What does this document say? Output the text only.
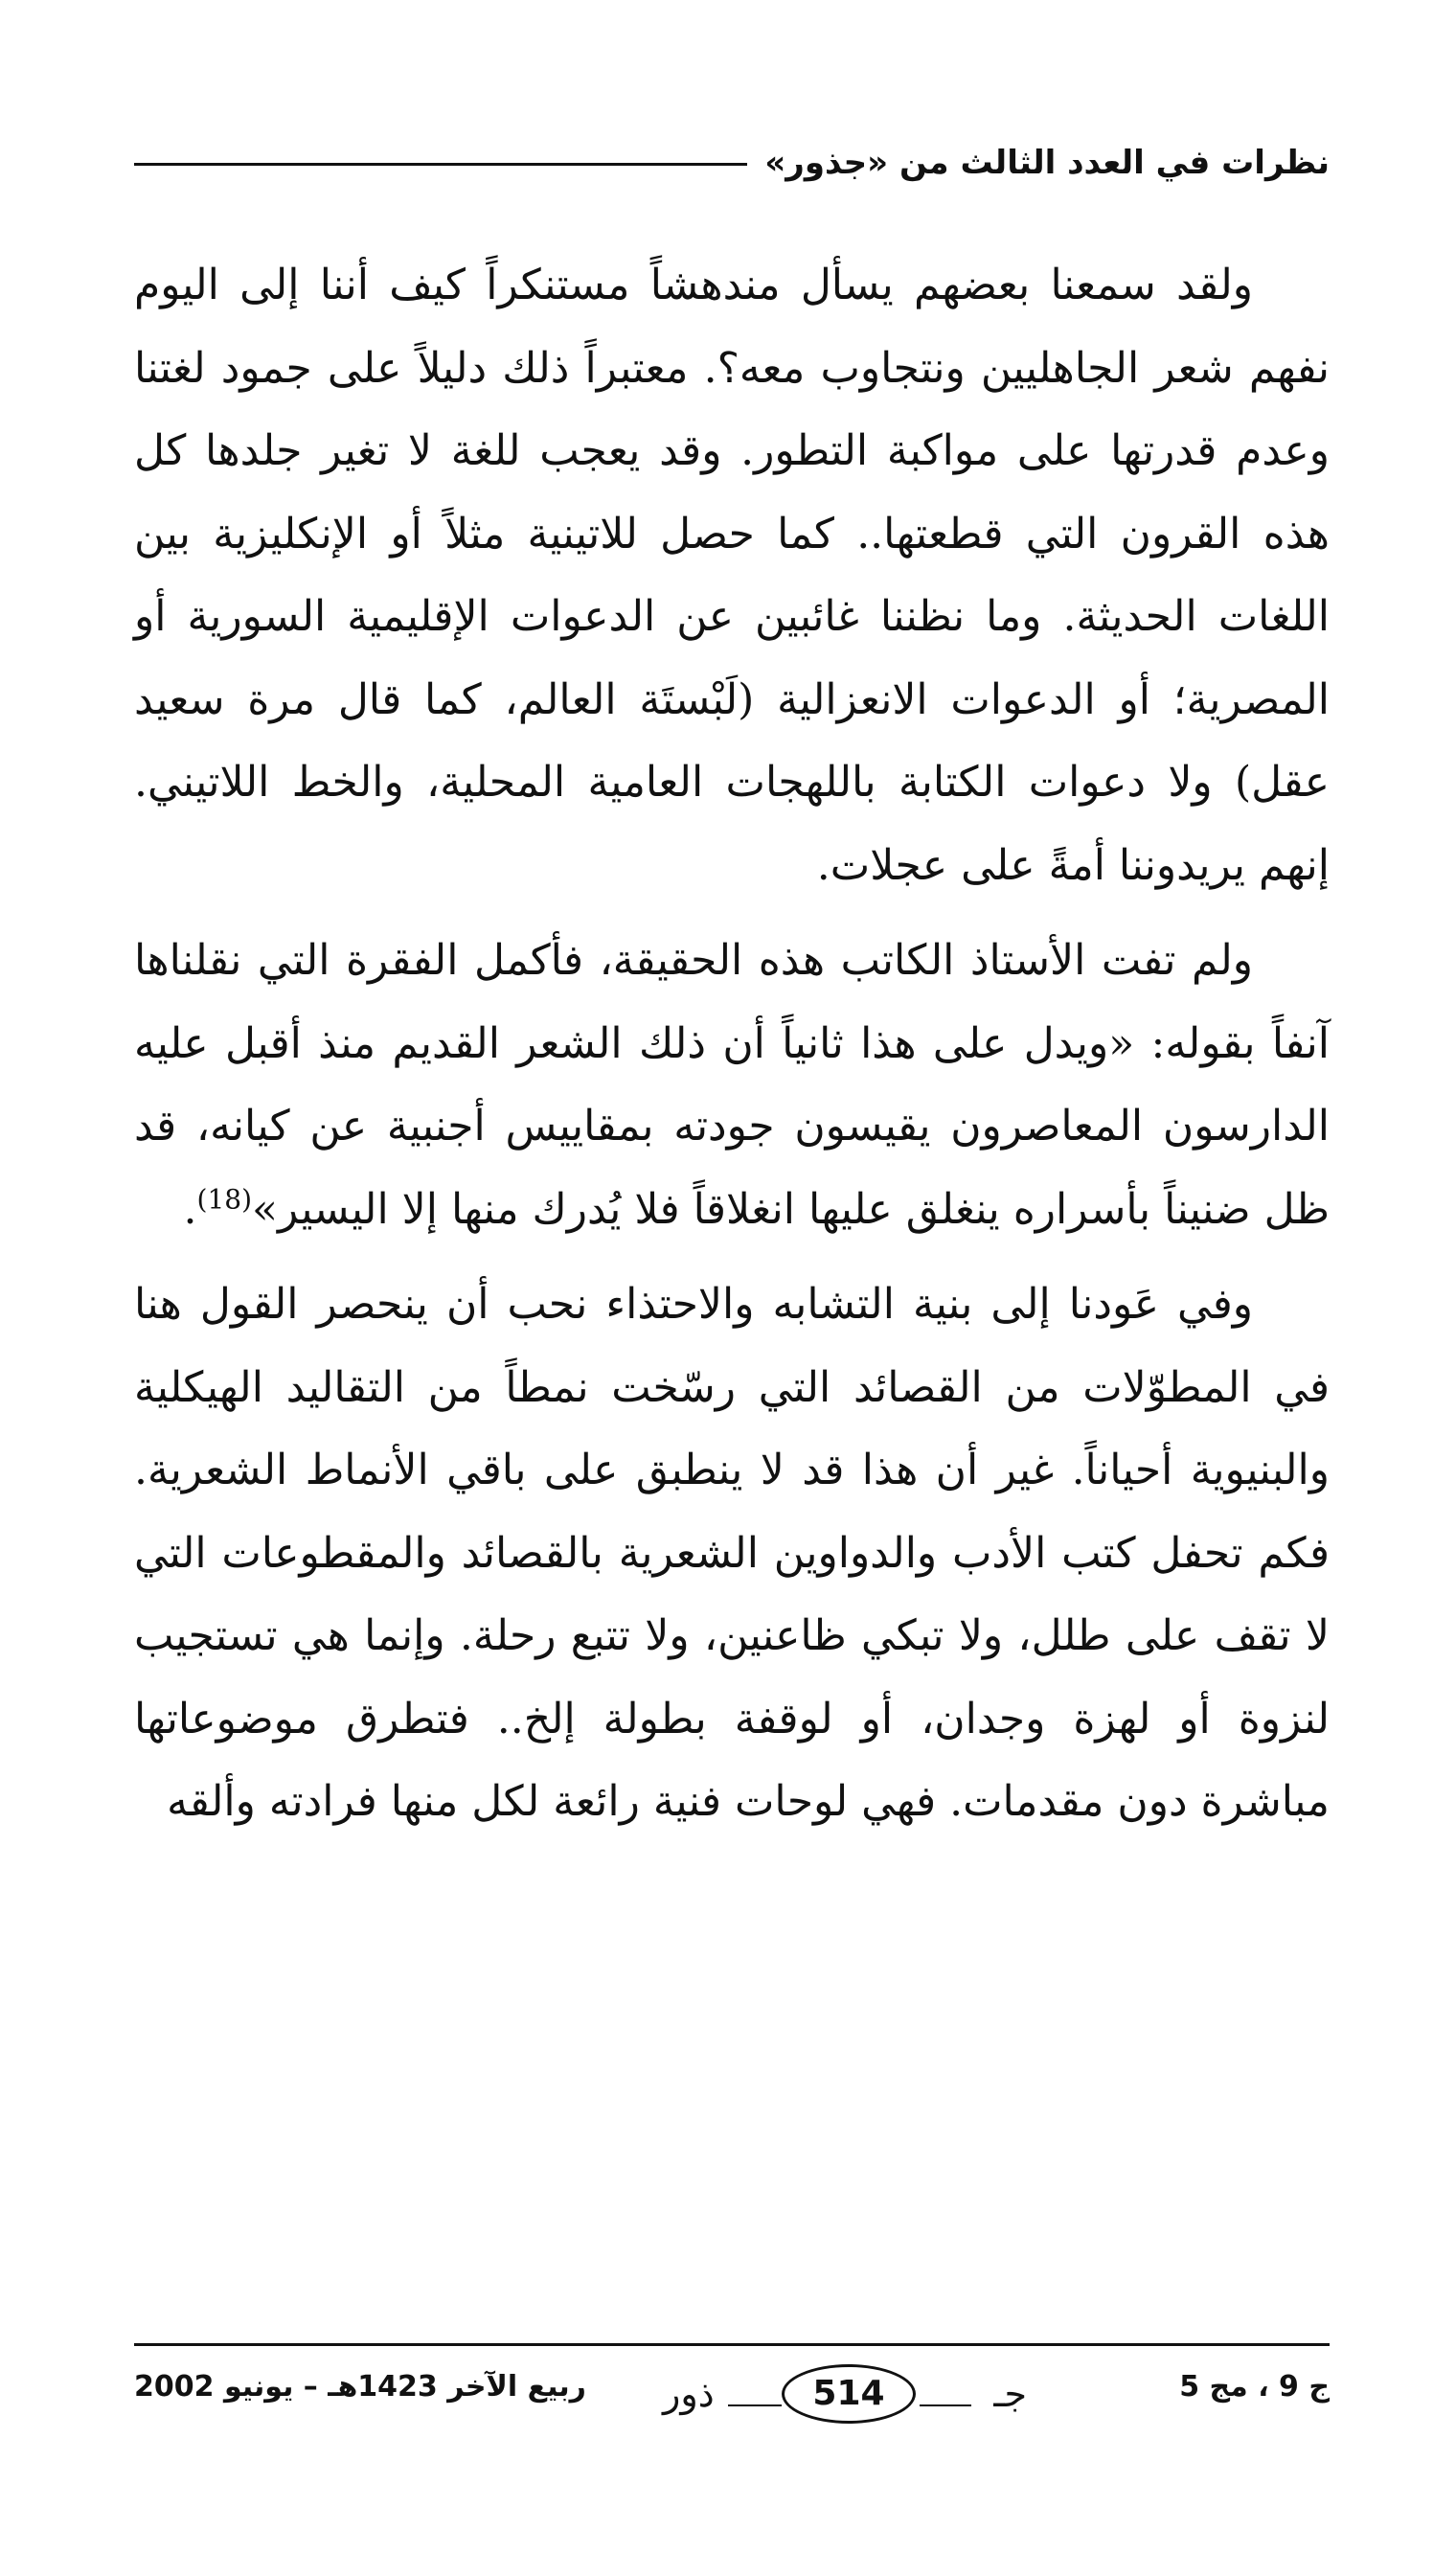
نظرات في العدد الثالث من «جذور»

ولقد سمعنا بعضهم يسأل مندهشاً مستنكراً كيف أننا إلى اليوم نفهم شعر الجاهليين ونتجاوب معه؟. معتبراً ذلك دليلاً على جمود لغتنا وعدم قدرتها على مواكبة التطور. وقد يعجب للغة لا تغير جلدها كل هذه القرون التي قطعتها.. كما حصل للاتينية مثلاً أو الإنكليزية بين اللغات الحديثة. وما نظننا غائبين عن الدعوات الإقليمية السورية أو المصرية؛ أو الدعوات الانعزالية (لَبْستَة العالم، كما قال مرة سعيد عقل) ولا دعوات الكتابة باللهجات العامية المحلية، والخط اللاتيني. إنهم يريدوننا أمةً على عجلات.

ولم تفت الأستاذ الكاتب هذه الحقيقة، فأكمل الفقرة التي نقلناها آنفاً بقوله: «ويدل على هذا ثانياً أن ذلك الشعر القديم منذ أقبل عليه الدارسون المعاصرون يقيسون جودته بمقاييس أجنبية عن كيانه، قد ظل ضنيناً بأسراره ينغلق عليها انغلاقاً فلا يُدرك منها إلا اليسير»$^{(18)}$.

وفي عَودنا إلى بنية التشابه والاحتذاء نحب أن ينحصر القول هنا في المطوّلات من القصائد التي رسّخت نمطاً من التقاليد الهيكلية والبنيوية أحياناً. غير أن هذا قد لا ينطبق على باقي الأنماط الشعرية. فكم تحفل كتب الأدب والدواوين الشعرية بالقصائد والمقطوعات التي لا تقف على طلل، ولا تبكي ظاعنين، ولا تتبع رحلة. وإنما هي تستجيب لنزوة أو لهزة وجدان، أو لوقفة بطولة إلخ.. فتطرق موضوعاتها مباشرة دون مقدمات. فهي لوحات فنية رائعة لكل منها فرادته وألقه

ج 9 ، مج 5
ذور	514	جـ
ربيع الآخر 1423هـ – يونيو 2002
